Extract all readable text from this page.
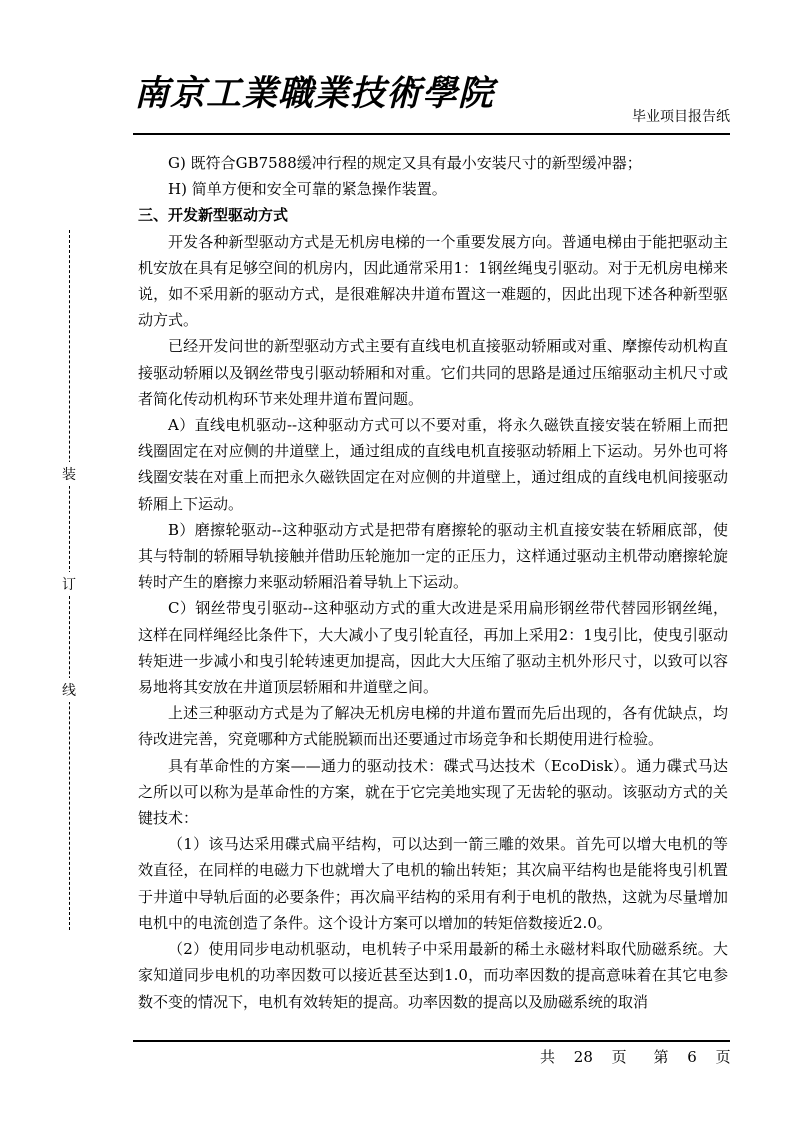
南京工業職業技術學院
毕业项目报告纸
装
订
线

G) 既符合GB7588缓冲行程的规定又具有最小安装尺寸的新型缓冲器；

H) 简单方便和安全可靠的紧急操作装置。

三、开发新型驱动方式

开发各种新型驱动方式是无机房电梯的一个重要发展方向。普通电梯由于能把驱动主机安放在具有足够空间的机房内，因此通常采用1：1钢丝绳曳引驱动。对于无机房电梯来说，如不采用新的驱动方式，是很难解决井道布置这一难题的，因此出现下述各种新型驱动方式。

已经开发问世的新型驱动方式主要有直线电机直接驱动轿厢或对重、摩擦传动机构直接驱动轿厢以及钢丝带曳引驱动轿厢和对重。它们共同的思路是通过压缩驱动主机尺寸或者简化传动机构环节来处理井道布置问题。

A）直线电机驱动--这种驱动方式可以不要对重，将永久磁铁直接安装在轿厢上而把线圈固定在对应侧的井道壁上，通过组成的直线电机直接驱动轿厢上下运动。另外也可将线圈安装在对重上而把永久磁铁固定在对应侧的井道壁上，通过组成的直线电机间接驱动轿厢上下运动。

B）磨擦轮驱动--这种驱动方式是把带有磨擦轮的驱动主机直接安装在轿厢底部，使其与特制的轿厢导轨接触并借助压轮施加一定的正压力，这样通过驱动主机带动磨擦轮旋转时产生的磨擦力来驱动轿厢沿着导轨上下运动。

C）钢丝带曳引驱动--这种驱动方式的重大改进是采用扁形钢丝带代替园形钢丝绳，这样在同样绳经比条件下，大大减小了曳引轮直径，再加上采用2：1曳引比，使曳引驱动转矩进一步减小和曳引轮转速更加提高，因此大大压缩了驱动主机外形尺寸，以致可以容易地将其安放在井道顶层轿厢和井道壁之间。

上述三种驱动方式是为了解决无机房电梯的井道布置而先后出现的，各有优缺点，均待改进完善，究竟哪种方式能脱颖而出还要通过市场竞争和长期使用进行检验。

具有革命性的方案——通力的驱动技术：碟式马达技术（EcoDisk）。通力碟式马达之所以可以称为是革命性的方案，就在于它完美地实现了无齿轮的驱动。该驱动方式的关键技术：

（1）该马达采用碟式扁平结构，可以达到一箭三雕的效果。首先可以增大电机的等效直径，在同样的电磁力下也就增大了电机的输出转矩；其次扁平结构也是能将曳引机置于井道中导轨后面的必要条件；再次扁平结构的采用有利于电机的散热，这就为尽量增加电机中的电流创造了条件。这个设计方案可以增加的转矩倍数接近2.0。

（2）使用同步电动机驱动，电机转子中采用最新的稀土永磁材料取代励磁系统。大家知道同步电机的功率因数可以接近甚至达到1.0，而功率因数的提高意味着在其它电参数不变的情况下，电机有效转矩的提高。功率因数的提高以及励磁系统的取消

共 28 页 第 6 页
